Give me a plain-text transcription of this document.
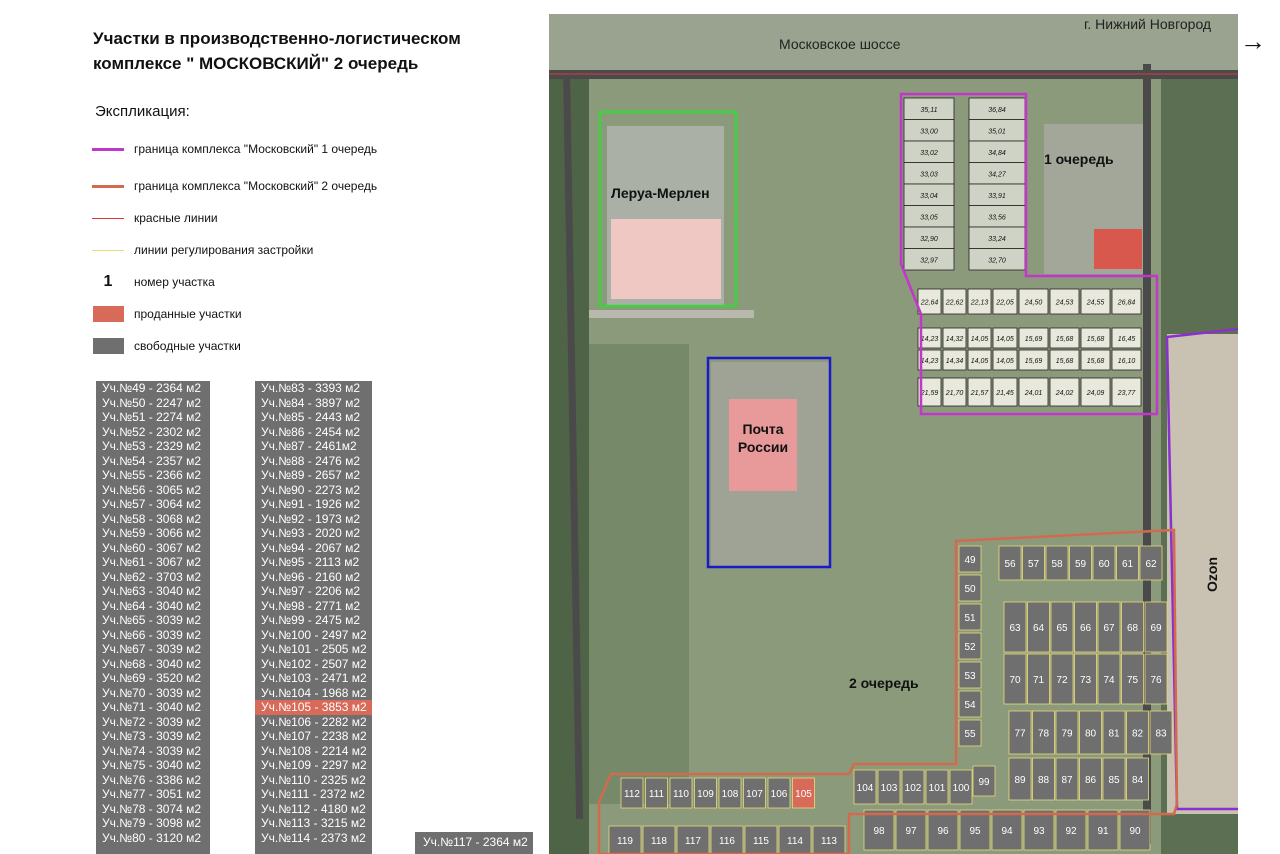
Участки в производственно-логистическом
комплексе " МОСКОВСКИЙ" 2 очередь
Экспликация:
граница комплекса "Московский" 1 очередь
граница комплекса "Московский" 2 очередь
красные линии
линии регулирования застройки
1 номер участка
проданные участки
свободные участки
Уч.№49 - 2364 м2
Уч.№50 - 2247 м2
Уч.№51 - 2274 м2
Уч.№52 - 2302 м2
Уч.№53 - 2329 м2
Уч.№54 - 2357 м2
Уч.№55 - 2366 м2
Уч.№56 - 3065 м2
Уч.№57 - 3064 м2
Уч.№58 - 3068 м2
Уч.№59 - 3066 м2
Уч.№60 - 3067 м2
Уч.№61 - 3067 м2
Уч.№62 - 3703 м2
Уч.№63 - 3040 м2
Уч.№64 - 3040 м2
Уч.№65 - 3039 м2
Уч.№66 - 3039 м2
Уч.№67 - 3039 м2
Уч.№68 - 3040 м2
Уч.№69 - 3520 м2
Уч.№70 - 3039 м2
Уч.№71 - 3040 м2
Уч.№72 - 3039 м2
Уч.№73 - 3039 м2
Уч.№74 - 3039 м2
Уч.№75 - 3040 м2
Уч.№76 - 3386 м2
Уч.№77 - 3051 м2
Уч.№78 - 3074 м2
Уч.№79 - 3098 м2
Уч.№80 - 3120 м2
Уч.№83 - 3393 м2
Уч.№84 - 3897 м2
Уч.№85 - 2443 м2
Уч.№86 - 2454 м2
Уч.№87 - 2461м2
Уч.№88 - 2476 м2
Уч.№89 - 2657 м2
Уч.№90 - 2273 м2
Уч.№91 - 1926 м2
Уч.№92 - 1973 м2
Уч.№93 - 2020 м2
Уч.№94 - 2067 м2
Уч.№95 - 2113 м2
Уч.№96 - 2160 м2
Уч.№97 - 2206 м2
Уч.№98 - 2771 м2
Уч.№99 - 2475 м2
Уч.№100 - 2497 м2
Уч.№101 - 2505 м2
Уч.№102 - 2507 м2
Уч.№103 - 2471 м2
Уч.№104 - 1968 м2
Уч.№105 - 3853 м2
Уч.№106 - 2282 м2
Уч.№107 - 2238 м2
Уч.№108 - 2214 м2
Уч.№109 - 2297 м2
Уч.№110 - 2325 м2
Уч.№111 - 2372 м2
Уч.№112 - 4180 м2
Уч.№113 - 3215 м2
Уч.№114 - 2373 м2	Уч.№117 - 2364 м2
Московское шоссе
г. Нижний Новгород
Леруа-Мерлен
Почта
России
Ozon
35,11	36,84
33,00	35,01
33,02	34,84
33,03	34,27
33,04	33,91
33,05	33,56
32,90	33,24
32,97	32,70
22,64 22,62 22,13 22,05 24,50 24,53 24,55 26,84
14,23 14,32 14,05 14,05 15,69 15,68 15,68 16,45
14,23 14,34 14,05 14,05 15,69 15,68 15,68 16,10
21,59 21,70 21,57 21,45 24,01 24,02 24,09 23,77
1 очередь
49
50
51
52
53
54
55
99
56 57 58 59 60 61 62
63 64 65 66 67 68 69
70 71 72 73 74 75 76
77 78 79 80 81 82 83
89 88 87 86 85 84
104 103 102 101 100
112 111 110 109 108 107 106 105
98 97 96 95 94 93 92 91 90
119 118 117 116 115 114 113
2 очередь
→
